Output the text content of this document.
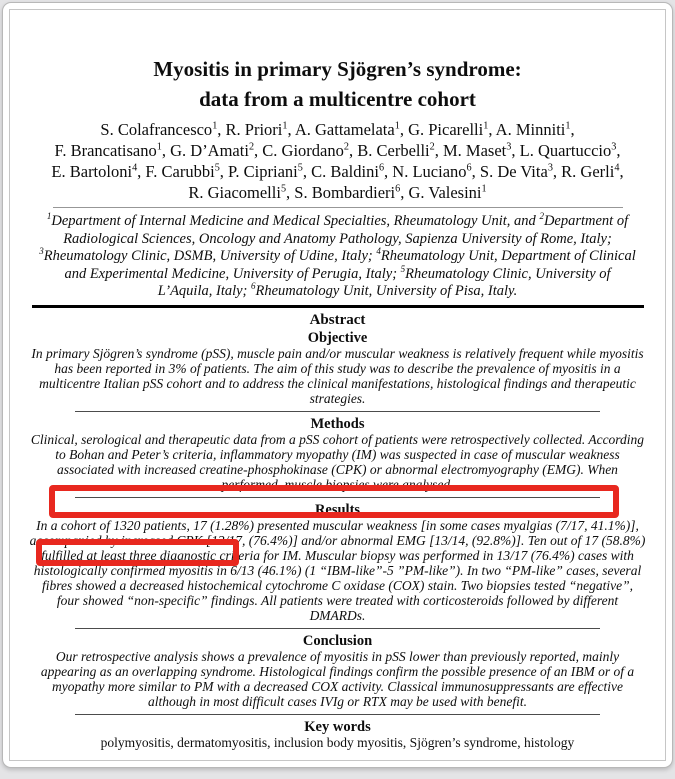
Myositis in primary Sjögren’s syndrome:
data from a multicentre cohort
S. Colafrancesco$^1$, R. Priori$^1$, A. Gattamelata$^1$, G. Picarelli$^1$, A. Minniti$^1$,
F. Brancatisano$^1$, G. D’Amati$^2$, C. Giordano$^2$, B. Cerbelli$^2$, M. Maset$^3$, L. Quartuccio$^3$,
E. Bartoloni$^4$, F. Carubbi$^5$, P. Cipriani$^5$, C. Baldini$^6$, N. Luciano$^6$, S. De Vita$^3$, R. Gerli$^4$,
R. Giacomelli$^5$, S. Bombardieri$^6$, G. Valesini$^1$
$^1$Department of Internal Medicine and Medical Specialties, Rheumatology Unit, and $^2$Department of Radiological Sciences, Oncology and Anatomy Pathology, Sapienza University of Rome, Italy; $^3$Rheumatology Clinic, DSMB, University of Udine, Italy; $^4$Rheumatology Unit, Department of Clinical and Experimental Medicine, University of Perugia, Italy; $^5$Rheumatology Clinic, University of L’Aquila, Italy; $^6$Rheumatology Unit, University of Pisa, Italy.
Abstract
Objective
In primary Sjögren’s syndrome (pSS), muscle pain and/or muscular weakness is relatively frequent while myositis has been reported in 3% of patients. The aim of this study was to describe the prevalence of myositis in a multicentre Italian pSS cohort and to address the clinical manifestations, histological findings and therapeutic strategies.
Methods
Clinical, serological and therapeutic data from a pSS cohort of patients were retrospectively collected. According to Bohan and Peter’s criteria, inflammatory myopathy (IM) was suspected in case of muscular weakness associated with increased creatine-phosphokinase (CPK) or abnormal electromyography (EMG). When performed, muscle biopsies were analysed.
Results
In a cohort of 1320 patients, 17 (1.28%) presented muscular weakness [in some cases myalgias (7/17, 41.1%)], accompanied by increased CPK [13/17, (76.4%)] and/or abnormal EMG [13/14, (92.8%)]. Ten out of 17 (58.8%) fulfilled at least three diagnostic criteria for IM. Muscular biopsy was performed in 13/17 (76.4%) cases with histologically confirmed myositis in 6/13 (46.1%) (1 “IBM-like”-5 ”PM-like”). In two “PM-like” cases, several fibres showed a decreased histochemical cytochrome C oxidase (COX) stain. Two biopsies tested “negative”, four showed “non-specific” findings. All patients were treated with corticosteroids followed by different DMARDs.
Conclusion
Our retrospective analysis shows a prevalence of myositis in pSS lower than previously reported, mainly appearing as an overlapping syndrome. Histological findings confirm the possible presence of an IBM or of a myopathy more similar to PM with a decreased COX activity. Classical immunosuppressants are effective although in most difficult cases IVIg or RTX may be used with benefit.
Key words
polymyositis, dermatomyositis, inclusion body myositis, Sjögren’s syndrome, histology
